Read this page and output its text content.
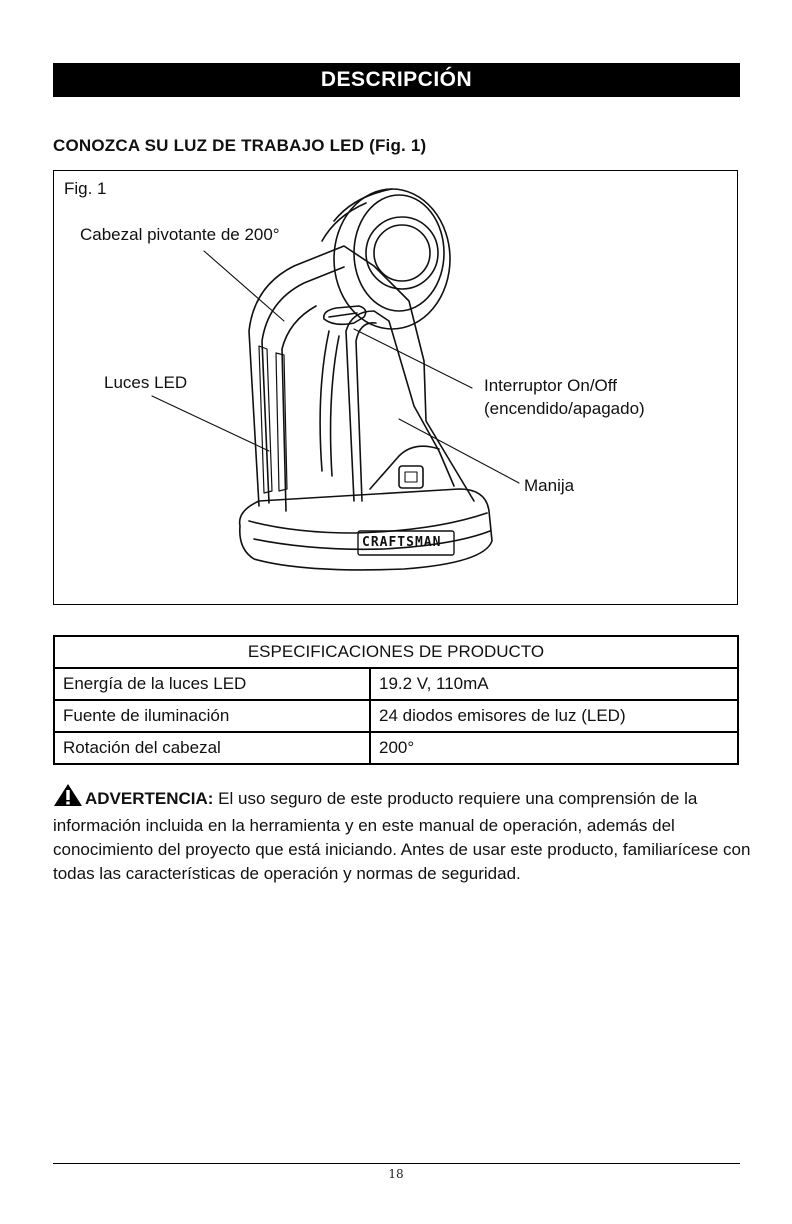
DESCRIPCIÓN
CONOZCA SU LUZ DE TRABAJO LED (Fig. 1)
Fig. 1
Cabezal pivotante de 200°
Luces LED	Interruptor On/Off
(encendido/apagado)
Manija
CRAFTSMAN
ESPECIFICACIONES DE PRODUCTO	
Energía de la luces LED	19.2 V, 110mA
Fuente de iluminación	24 diodos emisores de luz (LED)
Rotación del cabezal	200°
ADVERTENCIA: El uso seguro de este producto requiere una comprensión de la información incluida en la herramienta y en este manual de operación, además del conocimiento del proyecto que está iniciando. Antes de usar este producto, familiarícese con todas las características de operación y normas de seguridad.
18
